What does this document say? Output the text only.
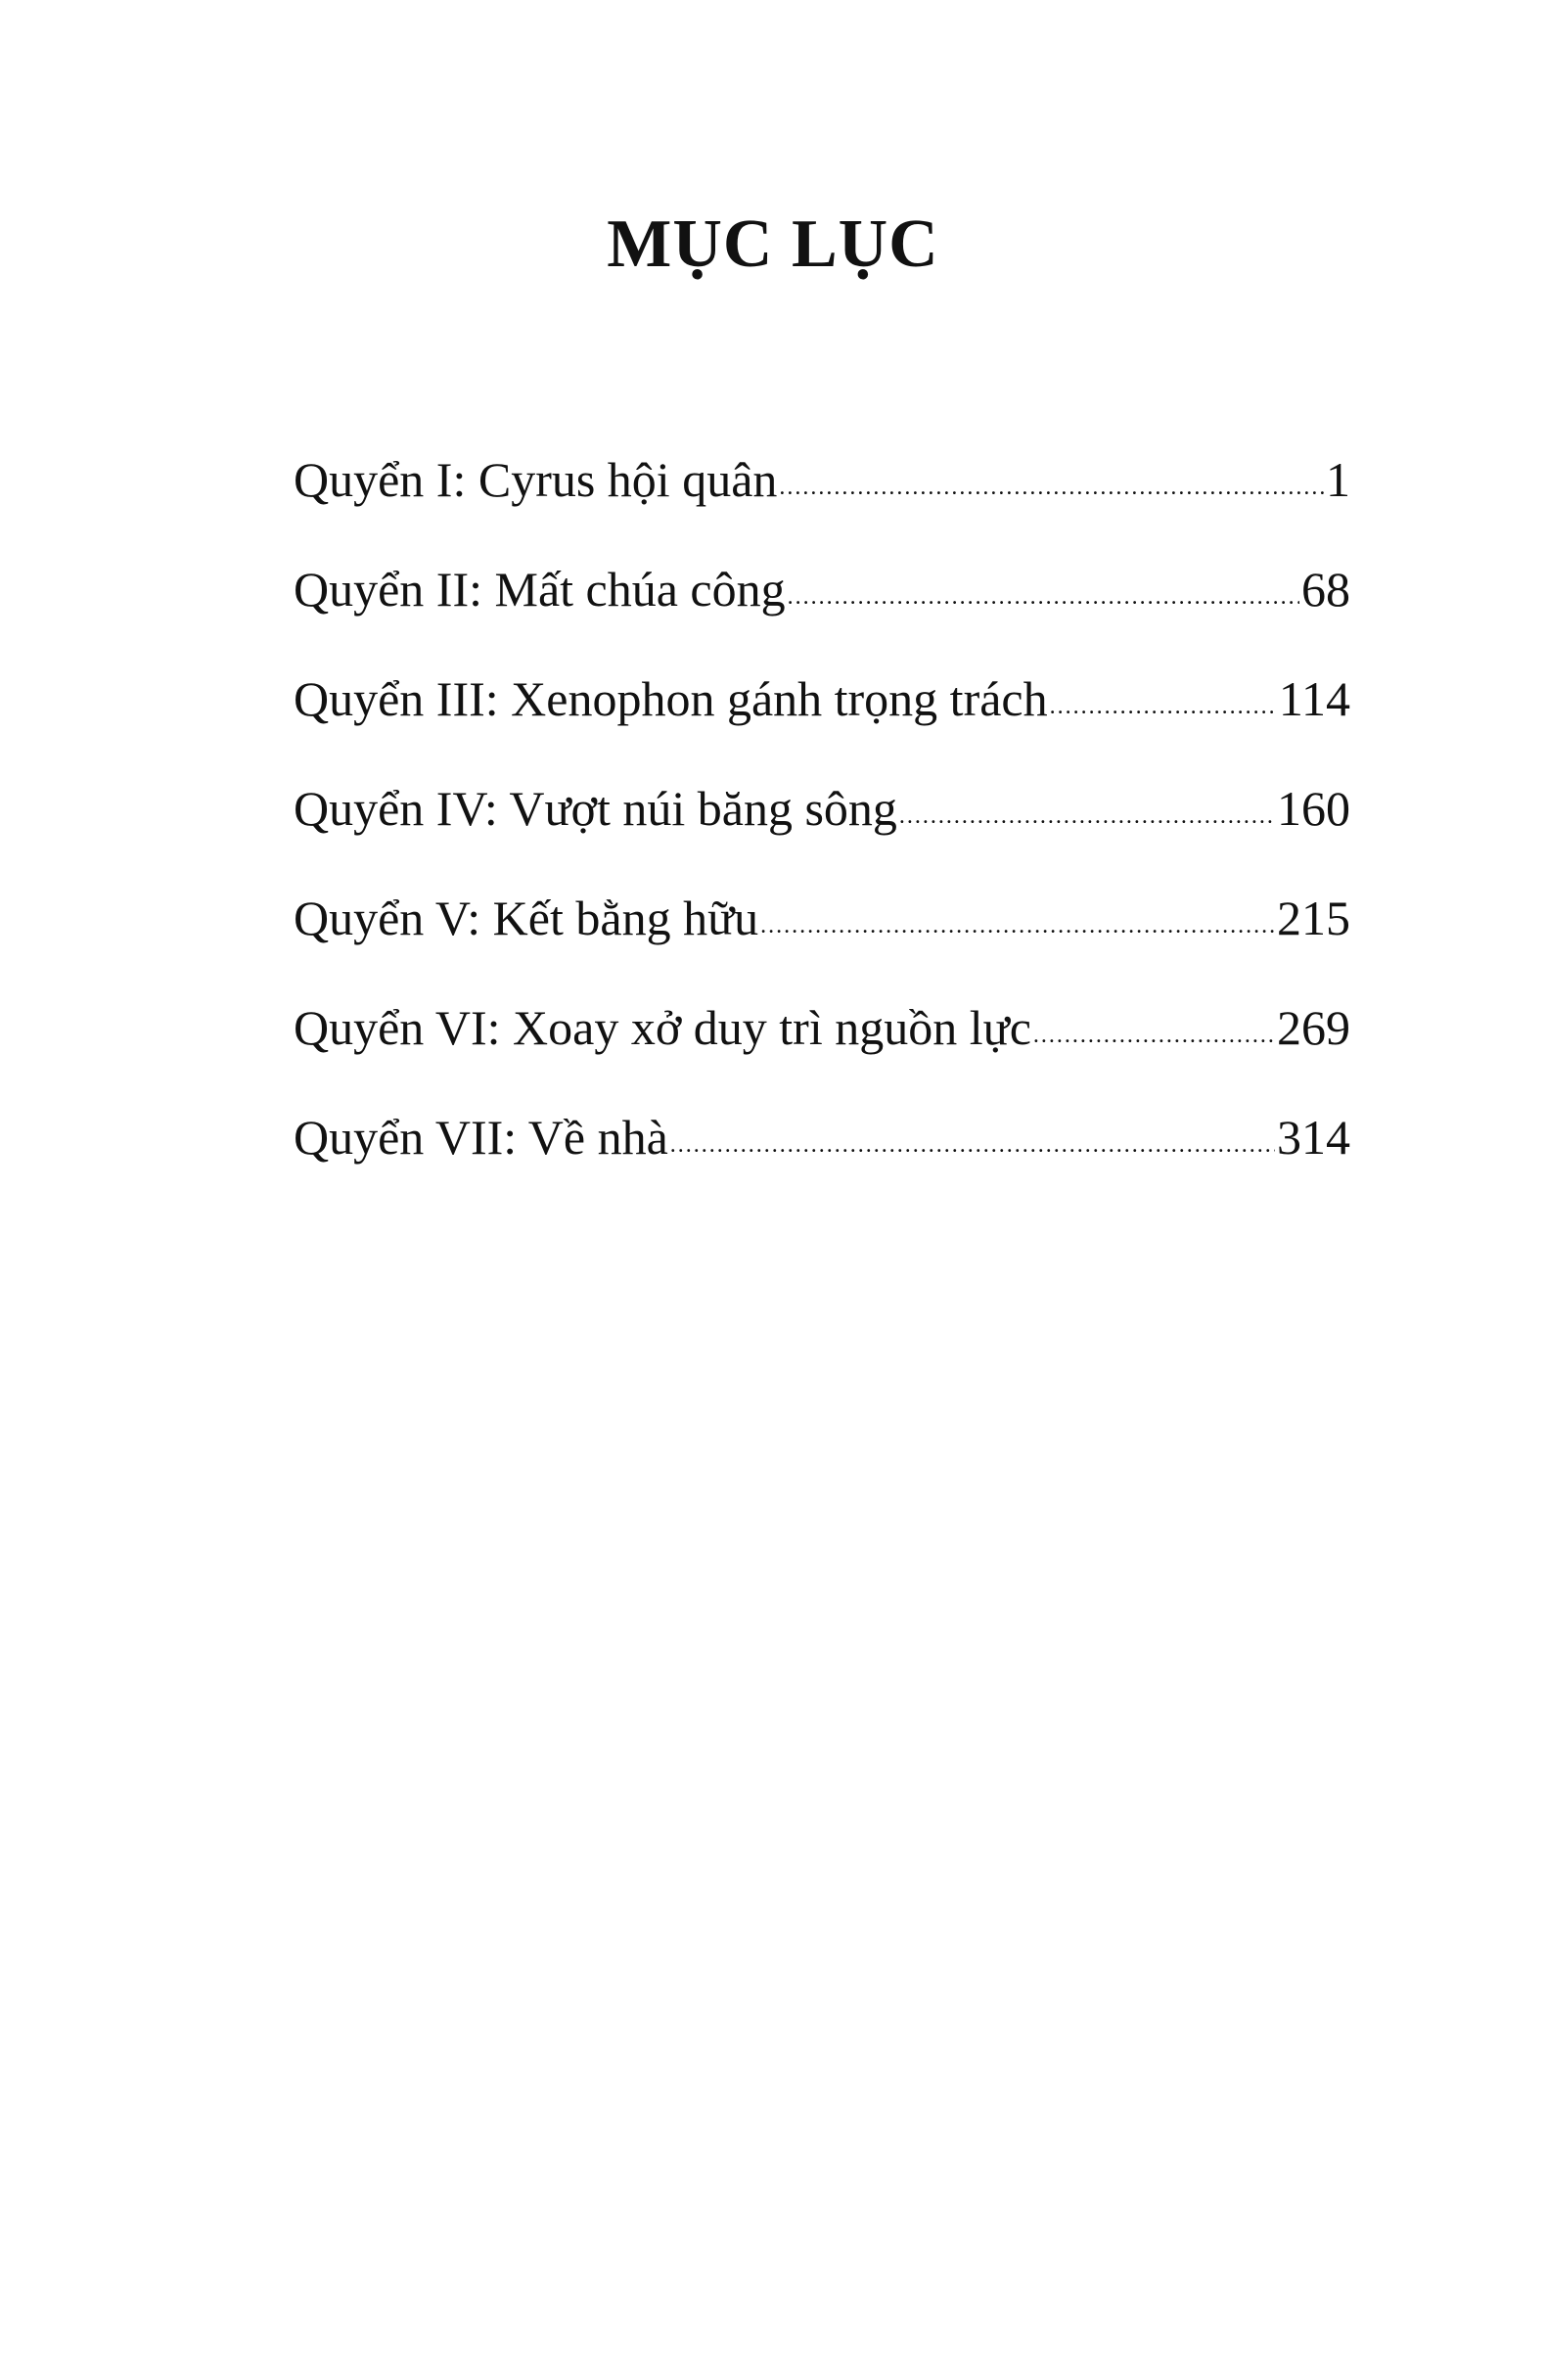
MỤC LỤC
Quyển I: Cyrus hội quân .....	1
Quyển II: Mất chúa công .....	68
Quyển III: Xenophon gánh trọng trách .....	114
Quyển IV: Vượt núi băng sông .....	160
Quyển V: Kết bằng hữu .....	215
Quyển VI: Xoay xở duy trì nguồn lực .....	269
Quyển VII: Về nhà .....	314
